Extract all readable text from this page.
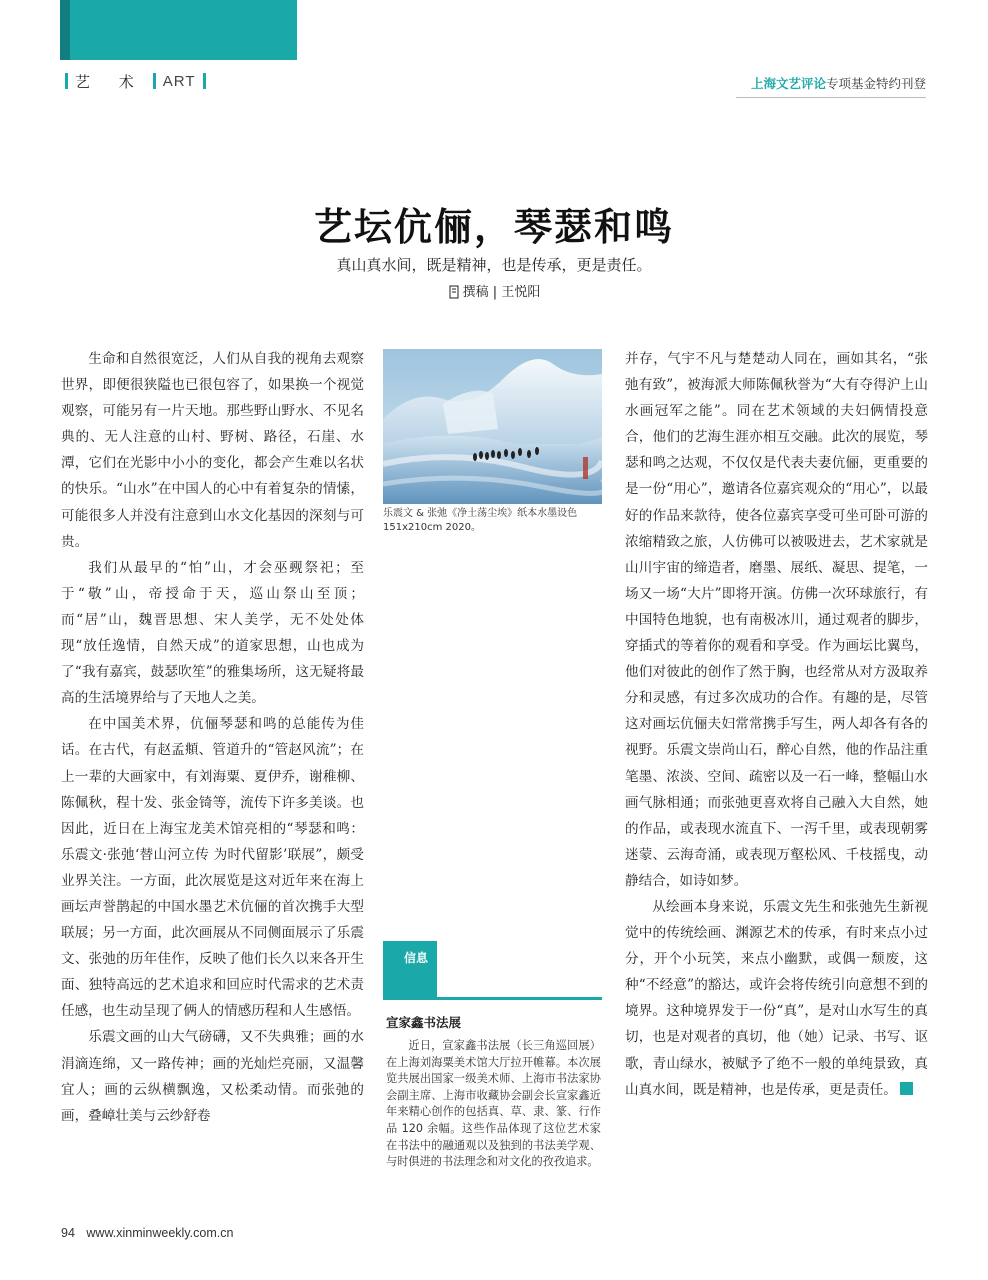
艺 术 ART	上海文艺评论专项基金特约刊登
艺坛伉俪，琴瑟和鸣
真山真水间，既是精神，也是传承，更是责任。
撰稿 | 王悦阳

生命和自然很宽泛，人们从自我的视角去观察世界，即便很狭隘也已很包容了，如果换一个视觉观察，可能另有一片天地。那些野山野水、不见名典的、无人注意的山村、野树、路径，石崖、水潭，它们在光影中小小的变化，都会产生难以名状的快乐。“山水”在中国人的心中有着复杂的情愫，可能很多人并没有注意到山水文化基因的深刻与可贵。

我们从最早的“怕”山，才会巫觋祭祀；至于“敬”山，帝授命于天，巡山祭山至顶；而“居”山，魏晋思想、宋人美学，无不处处体现“放任逸情，自然天成”的道家思想，山也成为了“我有嘉宾，鼓瑟吹笙”的雅集场所，这无疑将最高的生活境界给与了天地人之美。

在中国美术界，伉俪琴瑟和鸣的总能传为佳话。在古代，有赵孟頫、管道升的“管赵风流”；在上一辈的大画家中，有刘海粟、夏伊乔，谢稚柳、陈佩秋，程十发、张金锜等，流传下许多美谈。也因此，近日在上海宝龙美术馆亮相的“琴瑟和鸣：乐震文·张弛‘替山河立传 为时代留影’联展”，颇受业界关注。一方面，此次展览是这对近年来在海上画坛声誉鹊起的中国水墨艺术伉俪的首次携手大型联展；另一方面，此次画展从不同侧面展示了乐震文、张弛的历年佳作，反映了他们长久以来各开生面、独特高远的艺术追求和回应时代需求的艺术责任感，也生动呈现了俩人的情感历程和人生感悟。

乐震文画的山大气磅礴，又不失典雅；画的水涓滴连绵，又一路传神；画的光灿烂亮丽，又温馨宜人；画的云纵横飘逸，又松柔动情。而张弛的画，叠嶂壮美与云纱舒卷

乐震文 & 张弛《净土荡尘埃》纸本水墨设色 151x210cm 2020。
信息
宣家鑫书法展

近日，宣家鑫书法展（长三角巡回展）在上海刘海粟美术馆大厅拉开帷幕。本次展览共展出国家一级美术师、上海市书法家协会副主席、上海市收藏协会副会长宣家鑫近年来精心创作的包括真、草、隶、篆、行作品 120 余幅。这些作品体现了这位艺术家在书法中的融通观以及独到的书法美学观、与时俱进的书法理念和对文化的孜孜追求。

并存，气宇不凡与楚楚动人同在，画如其名，“张弛有致”，被海派大师陈佩秋誉为“大有夺得沪上山水画冠军之能”。同在艺术领域的夫妇俩情投意合，他们的艺海生涯亦相互交融。此次的展览，琴瑟和鸣之达观，不仅仅是代表夫妻伉俪，更重要的是一份“用心”，邀请各位嘉宾观众的“用心”，以最好的作品来款待，使各位嘉宾享受可坐可卧可游的浓缩精致之旅，人仿佛可以被吸进去，艺术家就是山川宇宙的缔造者，磨墨、展纸、凝思、提笔，一场又一场“大片”即将开演。仿佛一次环球旅行，有中国特色地貌，也有南极冰川，通过观者的脚步，穿插式的等着你的观看和享受。作为画坛比翼鸟，他们对彼此的创作了然于胸，也经常从对方汲取养分和灵感，有过多次成功的合作。有趣的是，尽管这对画坛伉俪夫妇常常携手写生，两人却各有各的视野。乐震文崇尚山石，醉心自然，他的作品注重笔墨、浓淡、空间、疏密以及一石一峰，整幅山水画气脉相通；而张弛更喜欢将自己融入大自然，她的作品，或表现水流直下、一泻千里，或表现朝雾迷蒙、云海奇涌，或表现万壑松风、千枝摇曳，动静结合，如诗如梦。

从绘画本身来说，乐震文先生和张弛先生新视觉中的传统绘画、渊源艺术的传承，有时来点小过分，开个小玩笑，来点小幽默，或偶一颓废，这种“不经意”的豁达，或许会将传统引向意想不到的境界。这种境界发于一份“真”，是对山水写生的真切，也是对观者的真切，他（她）记录、书写、讴歌，青山绿水，被赋予了绝不一般的单纯景致，真山真水间，既是精神，也是传承，更是责任。

94 www.xinminweekly.com.cn
